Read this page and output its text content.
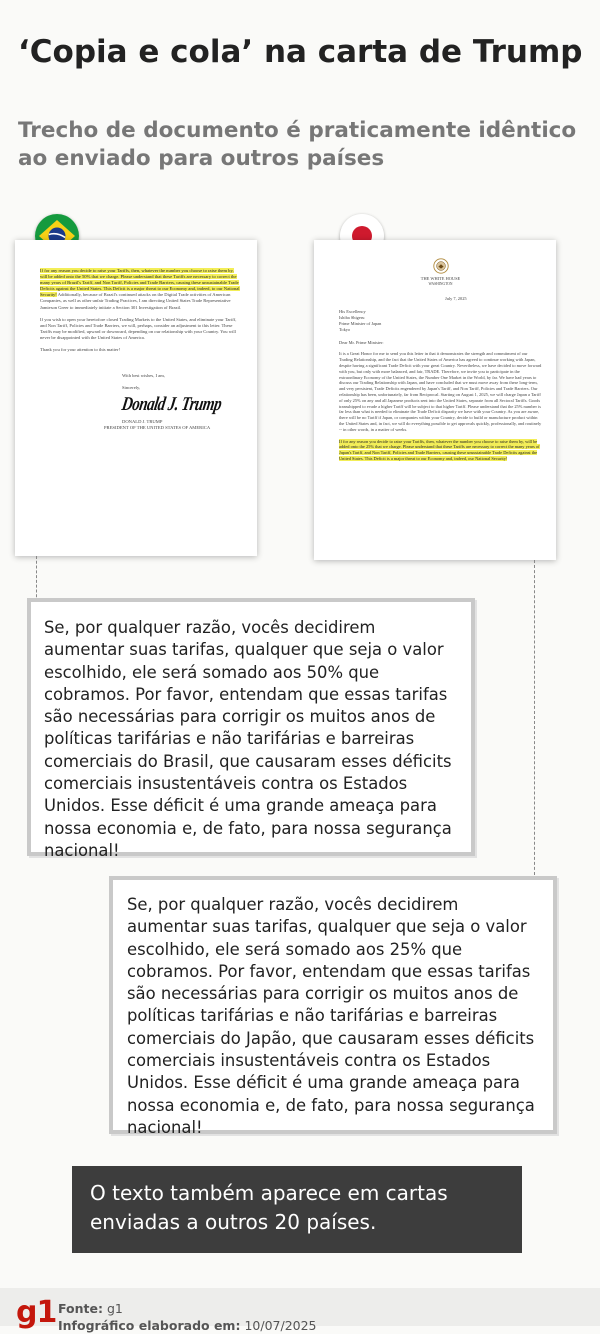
‘Copia e cola’ na carta de Trump
Trecho de documento é praticamente idêntico ao enviado para outros países

If for any reason you decide to raise your Tariffs, then, whatever the number you choose to raise them by, will be added onto the 50% that we charge. Please understand that these Tariffs are necessary to correct the many years of Brazil's Tariff, and Non Tariff, Policies and Trade Barriers, causing these unsustainable Trade Deficits against the United States. This Deficit is a major threat to our Economy and, indeed, to our National Security! Additionally, because of Brazil's continued attacks on the Digital Trade activities of American Companies, as well as other unfair Trading Practices, I am directing United States Trade Representative Jamieson Greer to immediately initiate a Section 301 Investigation of Brazil.

If you wish to open your heretofore closed Trading Markets to the United States, and eliminate your Tariff, and Non Tariff, Policies and Trade Barriers, we will, perhaps, consider an adjustment to this letter. These Tariffs may be modified, upward or downward, depending on our relationship with your Country. You will never be disappointed with the United States of America.

Thank you for your attention to this matter!

With best wishes, I am,
Sincerely,
Donald J. Trump
DONALD J. TRUMP
PRESIDENT OF THE UNITED STATES OF AMERICA
THE WHITE HOUSE
WASHINGTON
July 7, 2025
His Excellency
Ishiba Shigeru
Prime Minister of Japan
Tokyo

Dear Mr. Prime Minister:

It is a Great Honor for me to send you this letter in that it demonstrates the strength and commitment of our Trading Relationship, and the fact that the United States of America has agreed to continue working with Japan, despite having a significant Trade Deficit with your great Country. Nevertheless, we have decided to move forward with you, but only with more balanced, and fair, TRADE. Therefore, we invite you to participate in the extraordinary Economy of the United States, the Number One Market in the World, by far. We have had years to discuss our Trading Relationship with Japan, and have concluded that we must move away from these long-term, and very persistent, Trade Deficits engendered by Japan's Tariff, and Non Tariff, Policies and Trade Barriers. Our relationship has been, unfortunately, far from Reciprocal. Starting on August 1, 2025, we will charge Japan a Tariff of only 25% on any and all Japanese products sent into the United States, separate from all Sectoral Tariffs. Goods transshipped to evade a higher Tariff will be subject to that higher Tariff. Please understand that the 25% number is far less than what is needed to eliminate the Trade Deficit disparity we have with your Country. As you are aware, there will be no Tariff if Japan, or companies within your Country, decide to build or manufacture product within the United States and, in fact, we will do everything possible to get approvals quickly, professionally, and routinely -- in other words, in a matter of weeks.

If for any reason you decide to raise your Tariffs, then, whatever the number you choose to raise them by, will be added onto the 25% that we charge. Please understand that these Tariffs are necessary to correct the many years of Japan's Tariff, and Non Tariff, Policies and Trade Barriers, causing these unsustainable Trade Deficits against the United States. This Deficit is a major threat to our Economy and, indeed, our National Security!

Se, por qualquer razão, vocês decidirem aumentar suas tarifas, qualquer que seja o valor escolhido, ele será somado aos 50% que cobramos. Por favor, entendam que essas tarifas são necessárias para corrigir os muitos anos de políticas tarifárias e não tarifárias e barreiras comerciais do Brasil, que causaram esses déficits comerciais insustentáveis contra os Estados Unidos. Esse déficit é uma grande ameaça para nossa economia e, de fato, para nossa segurança nacional!
Se, por qualquer razão, vocês decidirem aumentar suas tarifas, qualquer que seja o valor escolhido, ele será somado aos 25% que cobramos. Por favor, entendam que essas tarifas são necessárias para corrigir os muitos anos de políticas tarifárias e não tarifárias e barreiras comerciais do Japão, que causaram esses déficits comerciais insustentáveis contra os Estados Unidos. Esse déficit é uma grande ameaça para nossa economia e, de fato, para nossa segurança nacional!
O texto também aparece em cartas enviadas a outros 20 países.
g1 Fonte: g1
Infográfico elaborado em: 10/07/2025
